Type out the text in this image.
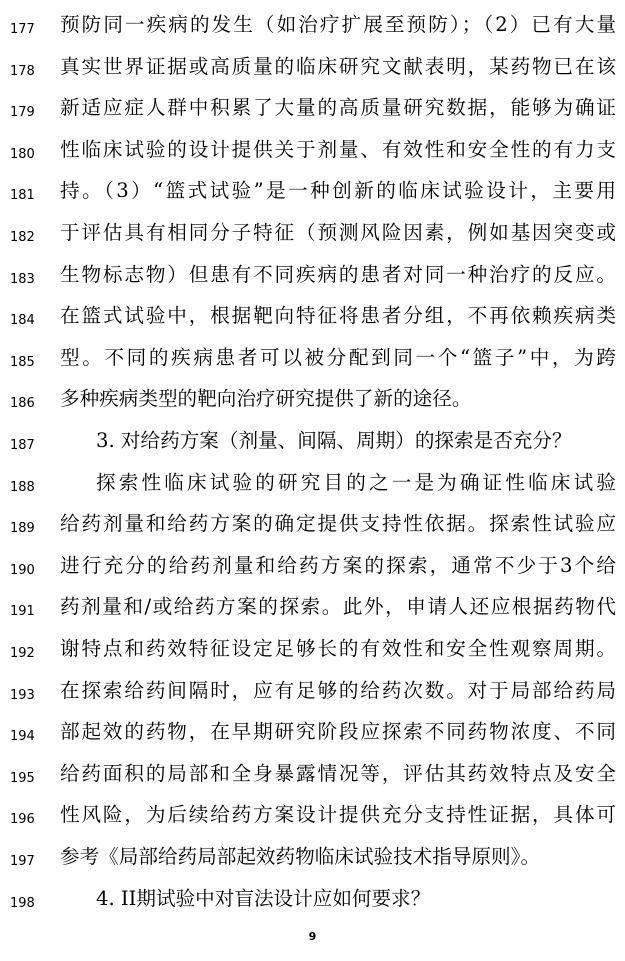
177 预防同一疾病的发生（如治疗扩展至预防）；（2）已有大量
178 真实世界证据或高质量的临床研究文献表明，某药物已在该
179 新适应症人群中积累了大量的高质量研究数据，能够为确证
180 性临床试验的设计提供关于剂量、有效性和安全性的有力支
181 持。（3）“篮式试验”是一种创新的临床试验设计，主要用
182 于评估具有相同分子特征（预测风险因素，例如基因突变或
183 生物标志物）但患有不同疾病的患者对同一种治疗的反应。
184 在篮式试验中，根据靶向特征将患者分组，不再依赖疾病类
185 型。不同的疾病患者可以被分配到同一个“篮子”中，为跨
186 多种疾病类型的靶向治疗研究提供了新的途径。
187	3. 对给药方案（剂量、间隔、周期）的探索是否充分？
188	探索性临床试验的研究目的之一是为确证性临床试验
189 给药剂量和给药方案的确定提供支持性依据。探索性试验应
190 进行充分的给药剂量和给药方案的探索，通常不少于3个给
191 药剂量和/或给药方案的探索。此外，申请人还应根据药物代
192 谢特点和药效特征设定足够长的有效性和安全性观察周期。
193 在探索给药间隔时，应有足够的给药次数。对于局部给药局
194 部起效的药物，在早期研究阶段应探索不同药物浓度、不同
195 给药面积的局部和全身暴露情况等，评估其药效特点及安全
196 性风险，为后续给药方案设计提供充分支持性证据，具体可
197 参考《局部给药局部起效药物临床试验技术指导原则》。
198	4. II期试验中对盲法设计应如何要求？
9
